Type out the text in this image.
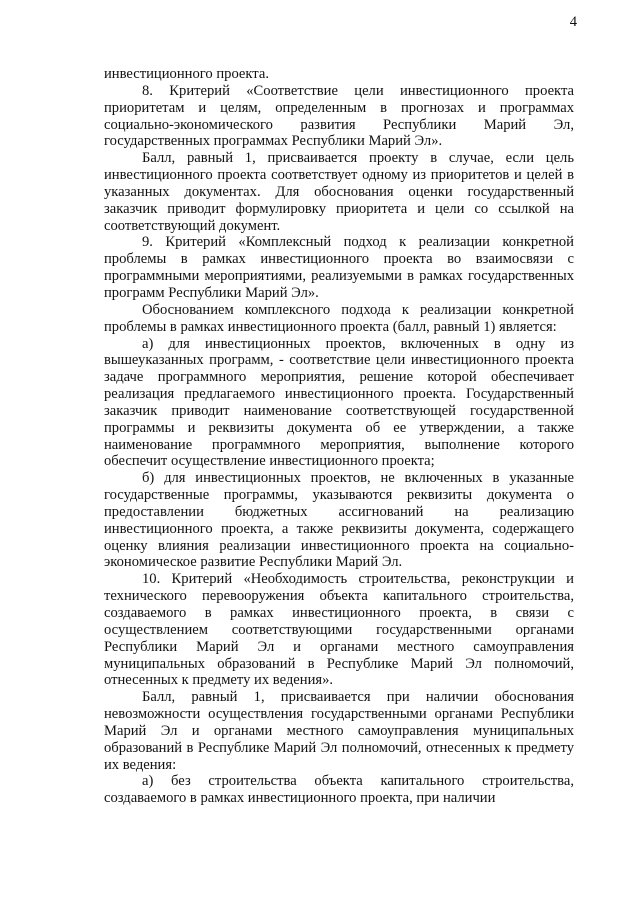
4

инвестиционного проекта.

8. Критерий «Соответствие цели инвестиционного проекта приоритетам и целям, определенным в прогнозах и программах социально-экономического развития Республики Марий Эл, государственных программах Республики Марий Эл».

Балл, равный 1, присваивается проекту в случае, если цель инвестиционного проекта соответствует одному из приоритетов и целей в указанных документах. Для обоснования оценки государственный заказчик приводит формулировку приоритета и цели со ссылкой на соответствующий документ.

9. Критерий «Комплексный подход к реализации конкретной проблемы в рамках инвестиционного проекта во взаимосвязи с программными мероприятиями, реализуемыми в рамках государственных программ Республики Марий Эл».

Обоснованием комплексного подхода к реализации конкретной проблемы в рамках инвестиционного проекта (балл, равный 1) является:

а) для инвестиционных проектов, включенных в одну из вышеуказанных программ, - соответствие цели инвестиционного проекта задаче программного мероприятия, решение которой обеспечивает реализация предлагаемого инвестиционного проекта. Государственный заказчик приводит наименование соответствующей государственной программы и реквизиты документа об ее утверждении, а также наименование программного мероприятия, выполнение которого обеспечит осуществление инвестиционного проекта;

б) для инвестиционных проектов, не включенных в указанные государственные программы, указываются реквизиты документа о предоставлении бюджетных ассигнований на реализацию инвестиционного проекта, а также реквизиты документа, содержащего оценку влияния реализации инвестиционного проекта на социально-экономическое развитие Республики Марий Эл.

10. Критерий «Необходимость строительства, реконструкции и технического перевооружения объекта капитального строительства, создаваемого в рамках инвестиционного проекта, в связи с осуществлением соответствующими государственными органами Республики Марий Эл и органами местного самоуправления муниципальных образований в Республике Марий Эл полномочий, отнесенных к предмету их ведения».

Балл, равный 1, присваивается при наличии обоснования невозможности осуществления государственными органами Республики Марий Эл и органами местного самоуправления муниципальных образований в Республике Марий Эл полномочий, отнесенных к предмету их ведения:

а) без строительства объекта капитального строительства, создаваемого в рамках инвестиционного проекта, при наличии
